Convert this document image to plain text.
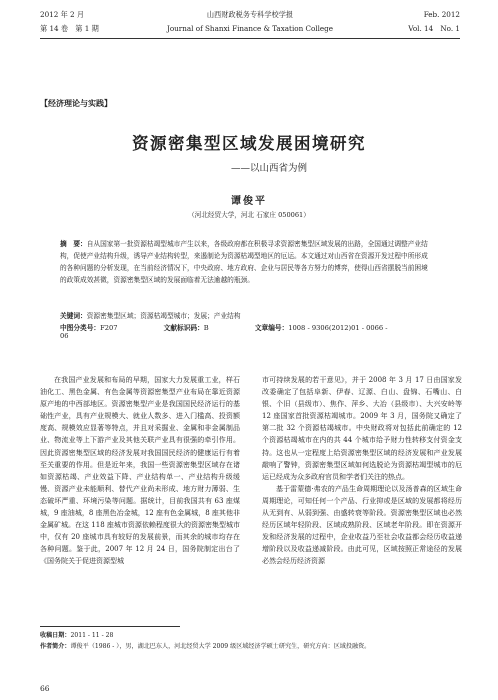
2012 年 2 月	山西财政税务专科学校学报	Feb. 2012
第 14 卷　第 1 期	Journal of Shanxi Finance & Taxation College	Vol. 14　No. 1
【经济理论与实践】
资源密集型区域发展困境研究
——以山西省为例
谭俊平
（河北经贸大学，河北 石家庄 050061）
摘　要：自从国家第一批资源枯竭型城市产生以来，各级政府都在积极寻求资源密集型区域发展的出路，全国通过调整产业结构，促使产业结构升级，诱导产业结构转型，来遏制论为资源枯竭型地区的厄运。本文通过对山西省在资源开发过程中所形成的各种问题的分析发现，在当前经济情况下，中央政府、地方政府、企业与居民等各方努力的博弈，使得山西省摆脱当前困境的政策成效甚微，资源密集型区域的发展面临着无法逾越的瓶颈。
关键词：资源密集型区域；资源枯竭型城市；发展；产业结构
中图分类号：F207	文献标识码：B	文章编号：1008 - 9306(2012)01 - 0066 - 06

在我国产业发展和布局的早期，国家大力发展重工业，样石油化工、黑色金属、有色金属等资源密集型产业布局在靠近资源原产地的中西部地区。资源密集型产业是我国国民经济运行的基础性产业，具有产业规模大、就业人数多、进入门槛高、投资额度高、规模效应显著等特点，并且对采掘业、金属和非金属制品业、物流业等上下游产业及其他关联产业具有很强的牵引作用。因此资源密集型区域的经济发展对我国国民经济的健康运行有着至关重要的作用。但是近年来，我国一些资源密集型区域存在诸如资源枯竭、产业效益下降、产业结构单一、产业结构升级缓慢、资源产业未能顺利、替代产业尚未形成、地方财力薄弱、生态破坏严重、环境污染等问题。据统计，目前我国共有 63 座煤城，9 座油城，8 座黑色冶金城，12 座有色金属城，8 座其他非金属矿城。在这 118 座城市资源依赖程度很大的资源密集型城市中，仅有 20 座城市具有较好的发展前景，而其余的城市均存在各种问题。鉴于此，2007 年 12 月 24 日，国务院制定出台了《国务院关于促进资源型城

市可持续发展的若干意见》，并于 2008 年 3 月 17 日由国家发改委确定了包括阜新、伊春、辽源、白山、盘锦、石嘴山、白银、个旧（县级市）、焦作、萍乡、大冶（县级市）、大兴安岭等 12 座国家首批资源枯竭城市。2009 年 3 月，国务院又确定了第二批 32 个资源枯竭城市。中央财政将对包括此前确定的 12 个资源枯竭城市在内的共 44 个城市给予财力性转移支付资金支持。这也从一定程度上给资源密集型区域的经济发展和产业发展敲响了警钟，资源密集型区域如何选脱论为资源枯竭型城市的厄运已经成为众多政府官员和学者们关注的热点。

基于雷蒙德·弗农的产品生命周期理论以及汤普森的区域生命周期理论，可知任何一个产品、行业抑或是区域的发展都将经历从无到有、从弱到强、由盛转衰等阶段。资源密集型区域也必然经历区域年轻阶段、区域成熟阶段、区域老年阶段。即在资源开发和经济发展的过程中，企业收益乃至社会收益都会经历收益递增阶段以及收益递减阶段。由此可见，区域按照正常途径的发展必然会经历经济资源

收稿日期：2011 - 11 - 28
作者简介：谭俊平（1986 - ），男，湖北巴东人，河北经贸大学 2009 级区域经济学硕士研究生，研究方向：区域投融资。
66
